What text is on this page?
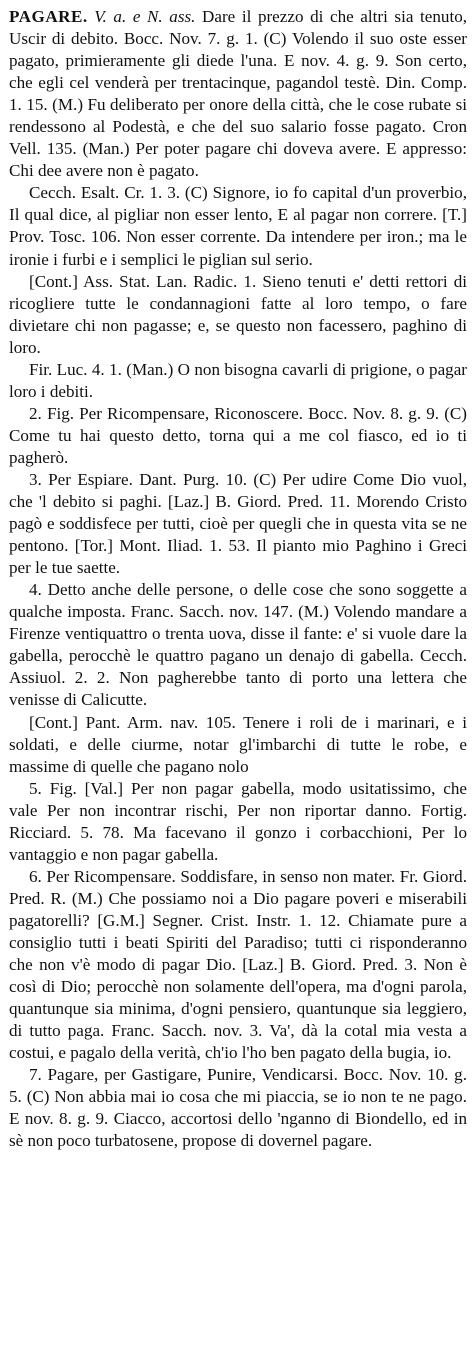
PAGARE. V. a. e N. ass. Dare il prezzo di che altri sia tenuto, Uscir di debito. Bocc. Nov. 7. g. 1. (C) Volendo il suo oste esser pagato, primieramente gli diede l'una. E nov. 4. g. 9. Son certo, che egli cel venderà per trentacinque, pagandol testè. Din. Comp. 1. 15. (M.) Fu deliberato per onore della città, che le cose rubate si rendessono al Podestà, e che del suo salario fosse pagato. Cron Vell. 135. (Man.) Per poter pagare chi doveva avere. E appresso: Chi dee avere non è pagato.

Cecch. Esalt. Cr. 1. 3. (C) Signore, io fo capital d'un proverbio, Il qual dice, al pigliar non esser lento, E al pagar non correre. [T.] Prov. Tosc. 106. Non esser corrente. Da intendere per iron.; ma le ironie i furbi e i semplici le piglian sul serio.

[Cont.] Ass. Stat. Lan. Radic. 1. Sieno tenuti e' detti rettori di ricogliere tutte le condannagioni fatte al loro tempo, o fare divietare chi non pagasse; e, se questo non facessero, paghino di loro.

Fir. Luc. 4. 1. (Man.) O non bisogna cavarli di prigione, o pagar loro i debiti.

2. Fig. Per Ricompensare, Riconoscere. Bocc. Nov. 8. g. 9. (C) Come tu hai questo detto, torna qui a me col fiasco, ed io ti pagherò.

3. Per Espiare. Dant. Purg. 10. (C) Per udire Come Dio vuol, che 'l debito si paghi. [Laz.] B. Giord. Pred. 11. Morendo Cristo pagò e soddisfece per tutti, cioè per quegli che in questa vita se ne pentono. [Tor.] Mont. Iliad. 1. 53. Il pianto mio Paghino i Greci per le tue saette.

4. Detto anche delle persone, o delle cose che sono soggette a qualche imposta. Franc. Sacch. nov. 147. (M.) Volendo mandare a Firenze ventiquattro o trenta uova, disse il fante: e' si vuole dare la gabella, perocchè le quattro pagano un denajo di gabella. Cecch. Assiuol. 2. 2. Non pagherebbe tanto di porto una lettera che venisse di Calicutte.

[Cont.] Pant. Arm. nav. 105. Tenere i roli de i marinari, e i soldati, e delle ciurme, notar gl'imbarchi di tutte le robe, e massime di quelle che pagano nolo

5. Fig. [Val.] Per non pagar gabella, modo usitatissimo, che vale Per non incontrar rischi, Per non riportar danno. Fortig. Ricciard. 5. 78. Ma facevano il gonzo i corbacchioni, Per lo vantaggio e non pagar gabella.

6. Per Ricompensare. Soddisfare, in senso non mater. Fr. Giord. Pred. R. (M.) Che possiamo noi a Dio pagare poveri e miserabili pagatorelli? [G.M.] Segner. Crist. Instr. 1. 12. Chiamate pure a consiglio tutti i beati Spiriti del Paradiso; tutti ci risponderanno che non v'è modo di pagar Dio. [Laz.] B. Giord. Pred. 3. Non è così di Dio; perocchè non solamente dell'opera, ma d'ogni parola, quantunque sia minima, d'ogni pensiero, quantunque sia leggiero, di tutto paga. Franc. Sacch. nov. 3. Va', dà la cotal mia vesta a costui, e pagalo della verità, ch'io l'ho ben pagato della bugia, io.

7. Pagare, per Gastigare, Punire, Vendicarsi. Bocc. Nov. 10. g. 5. (C) Non abbia mai io cosa che mi piaccia, se io non te ne pago. E nov. 8. g. 9. Ciacco, accortosi dello 'nganno di Biondello, ed in sè non poco turbatosene, propose di dovernel pagare.
